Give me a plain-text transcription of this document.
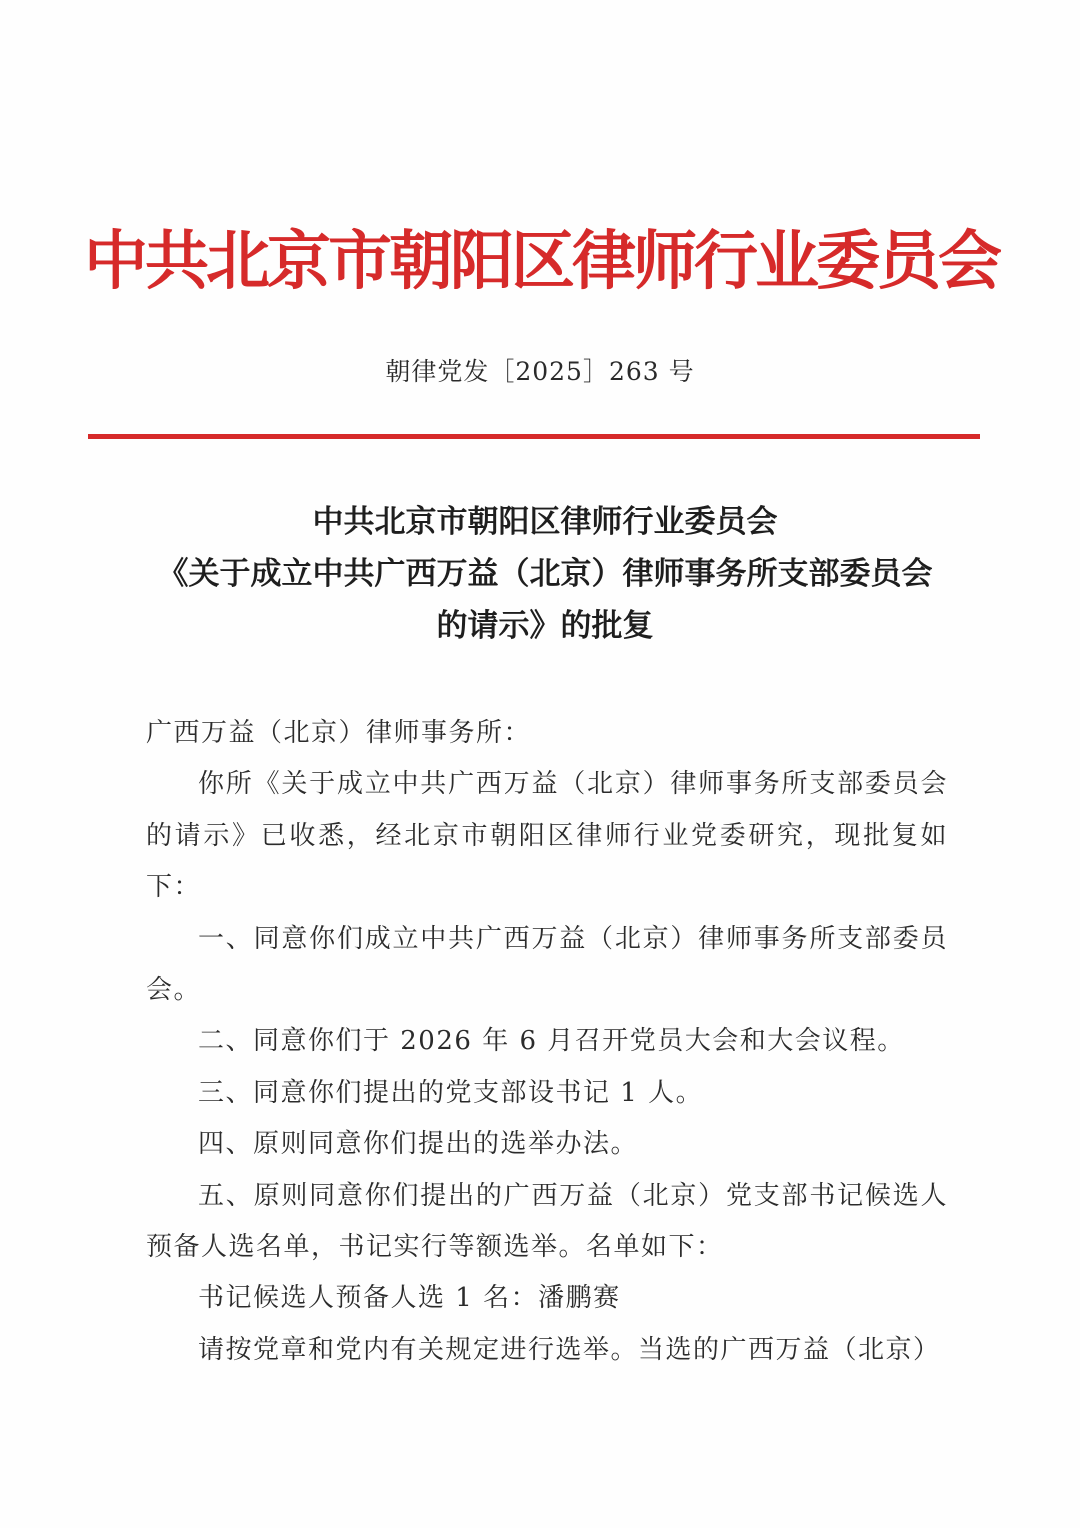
中共北京市朝阳区律师行业委员会
朝律党发［2025］263 号
中共北京市朝阳区律师行业委员会
《关于成立中共广西万益（北京）律师事务所支部委员会
的请示》的批复

广西万益（北京）律师事务所：

你所《关于成立中共广西万益（北京）律师事务所支部委员会的请示》已收悉，经北京市朝阳区律师行业党委研究，现批复如下：

一、同意你们成立中共广西万益（北京）律师事务所支部委员会。

二、同意你们于 2026 年 6 月召开党员大会和大会议程。

三、同意你们提出的党支部设书记 1 人。

四、原则同意你们提出的选举办法。

五、原则同意你们提出的广西万益（北京）党支部书记候选人预备人选名单，书记实行等额选举。名单如下：

书记候选人预备人选 1 名：潘鹏赛

请按党章和党内有关规定进行选举。当选的广西万益（北京）
